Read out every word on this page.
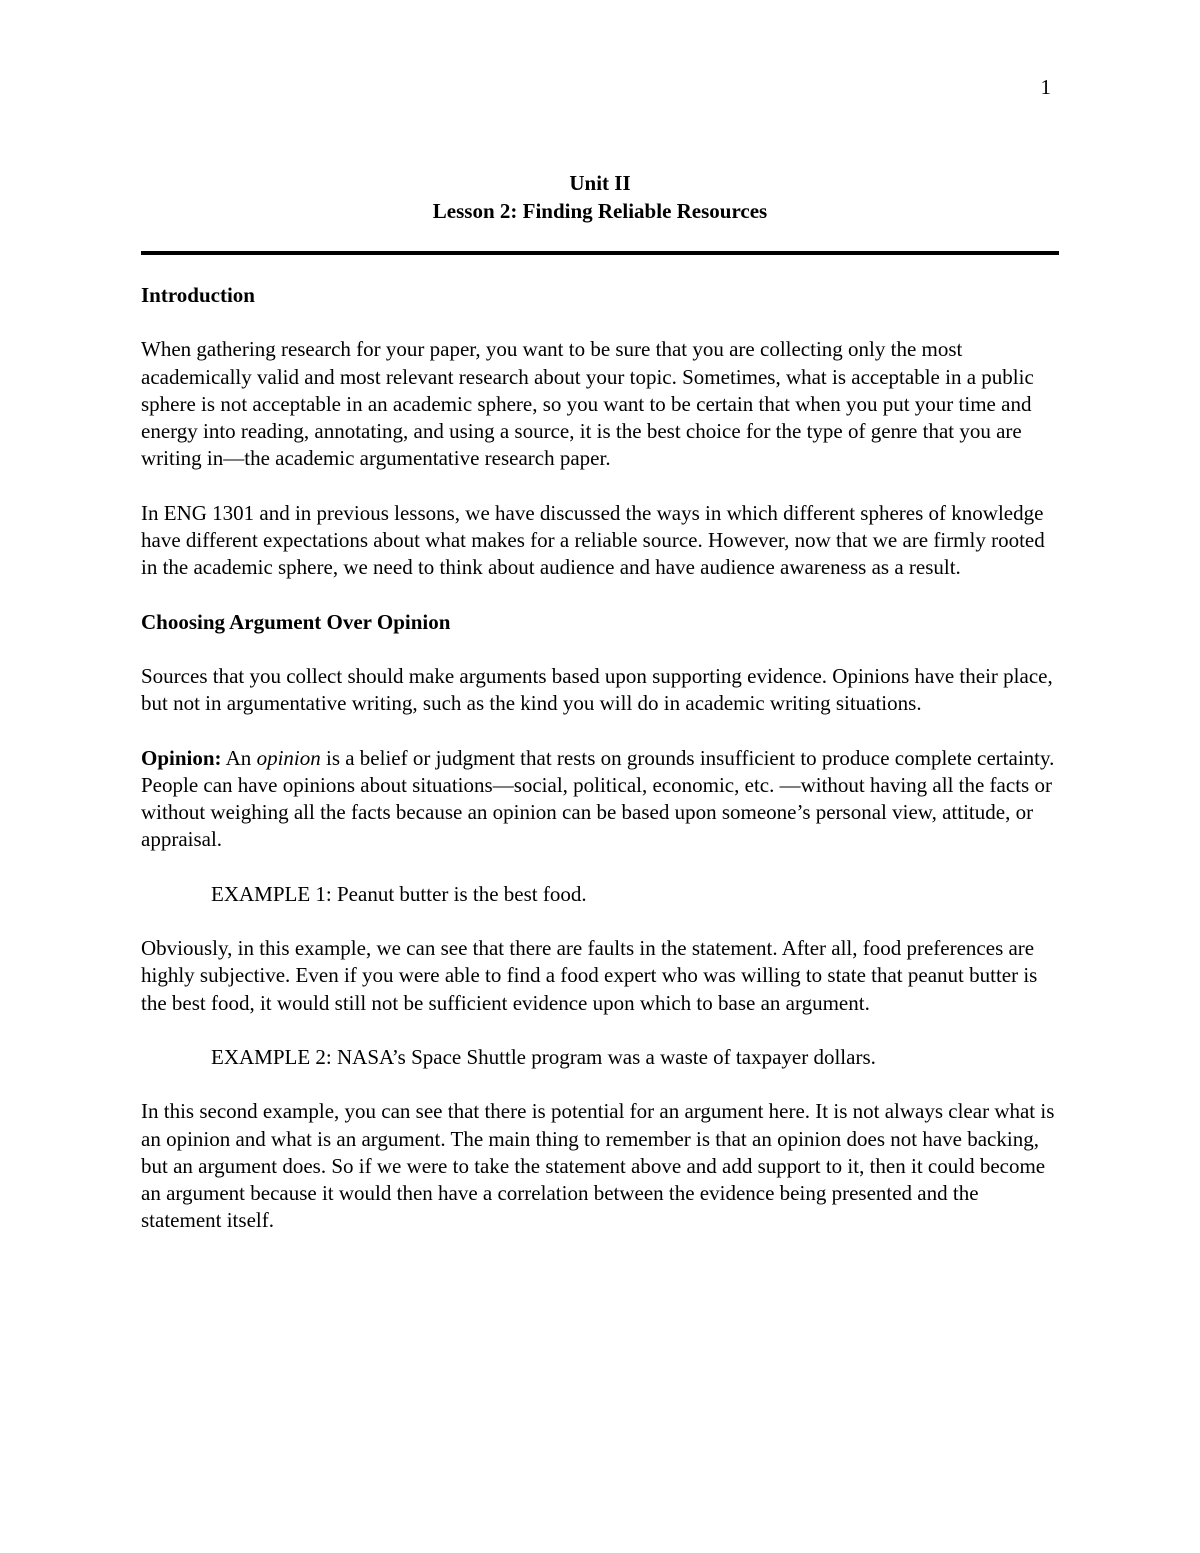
1
Unit II
Lesson 2: Finding Reliable Resources
Introduction

When gathering research for your paper, you want to be sure that you are collecting only the most academically valid and most relevant research about your topic. Sometimes, what is acceptable in a public sphere is not acceptable in an academic sphere, so you want to be certain that when you put your time and energy into reading, annotating, and using a source, it is the best choice for the type of genre that you are writing in—the academic argumentative research paper.

In ENG 1301 and in previous lessons, we have discussed the ways in which different spheres of knowledge have different expectations about what makes for a reliable source. However, now that we are firmly rooted in the academic sphere, we need to think about audience and have audience awareness as a result.

Choosing Argument Over Opinion

Sources that you collect should make arguments based upon supporting evidence. Opinions have their place, but not in argumentative writing, such as the kind you will do in academic writing situations.

Opinion: An opinion is a belief or judgment that rests on grounds insufficient to produce complete certainty. People can have opinions about situations—social, political, economic, etc. —without having all the facts or without weighing all the facts because an opinion can be based upon someone’s personal view, attitude, or appraisal.

EXAMPLE 1: Peanut butter is the best food.

Obviously, in this example, we can see that there are faults in the statement. After all, food preferences are highly subjective. Even if you were able to find a food expert who was willing to state that peanut butter is the best food, it would still not be sufficient evidence upon which to base an argument.

EXAMPLE 2: NASA’s Space Shuttle program was a waste of taxpayer dollars.

In this second example, you can see that there is potential for an argument here. It is not always clear what is an opinion and what is an argument. The main thing to remember is that an opinion does not have backing, but an argument does. So if we were to take the statement above and add support to it, then it could become an argument because it would then have a correlation between the evidence being presented and the statement itself.
